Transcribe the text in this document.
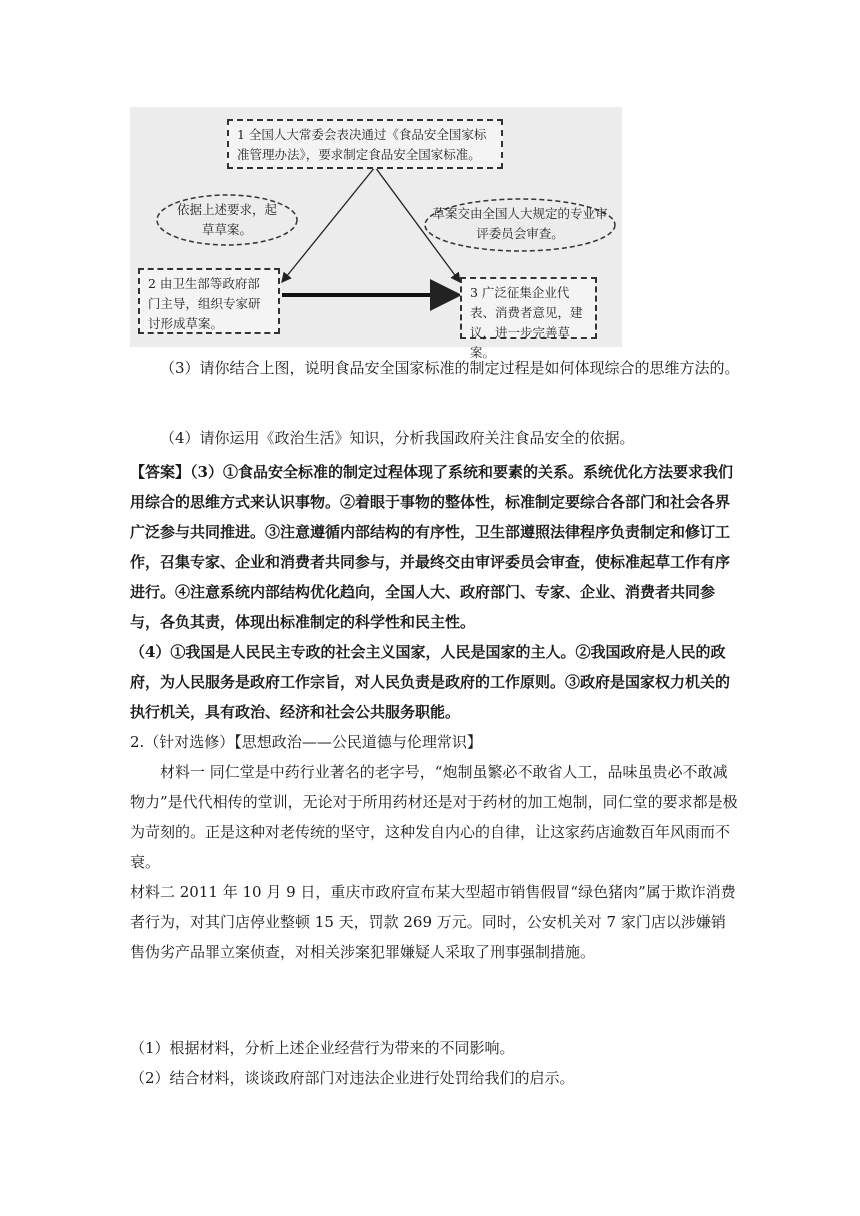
1 全国人大常委会表决通过《食品安全国家标准管理办法》，要求制定食品安全国家标准。
2 由卫生部等政府部门主导，组织专家研讨形成草案。
3 广泛征集企业代表、消费者意见，建议，进一步完善草案。
依据上述要求，起草草案。
草案交由全国人大规定的专业审评委员会审查。

（3）请你结合上图，说明食品安全国家标准的制定过程是如何体现综合的思维方法的。

（4）请你运用《政治生活》知识，分析我国政府关注食品安全的依据。

【答案】（3）①食品安全标准的制定过程体现了系统和要素的关系。系统优化方法要求我们用综合的思维方式来认识事物。②着眼于事物的整体性，标准制定要综合各部门和社会各界广泛参与共同推进。③注意遵循内部结构的有序性，卫生部遵照法律程序负责制定和修订工作，召集专家、企业和消费者共同参与，并最终交由审评委员会审查，使标准起草工作有序进行。④注意系统内部结构优化趋向，全国人大、政府部门、专家、企业、消费者共同参与，各负其责，体现出标准制定的科学性和民主性。

（4）①我国是人民民主专政的社会主义国家，人民是国家的主人。②我国政府是人民的政府，为人民服务是政府工作宗旨，对人民负责是政府的工作原则。③政府是国家权力机关的执行机关，具有政治、经济和社会公共服务职能。

2.（针对选修）【思想政治——公民道德与伦理常识】

材料一 同仁堂是中药行业著名的老字号，“炮制虽繁必不敢省人工，品味虽贵必不敢减物力”是代代相传的堂训，无论对于所用药材还是对于药材的加工炮制，同仁堂的要求都是极为苛刻的。正是这种对老传统的坚守，这种发自内心的自律，让这家药店逾数百年风雨而不衰。

材料二 2011 年 10 月 9 日，重庆市政府宣布某大型超市销售假冒“绿色猪肉”属于欺诈消费者行为，对其门店停业整顿 15 天，罚款 269 万元。同时，公安机关对 7 家门店以涉嫌销售伪劣产品罪立案侦查，对相关涉案犯罪嫌疑人采取了刑事强制措施。

（1）根据材料，分析上述企业经营行为带来的不同影响。

（2）结合材料，谈谈政府部门对违法企业进行处罚给我们的启示。
